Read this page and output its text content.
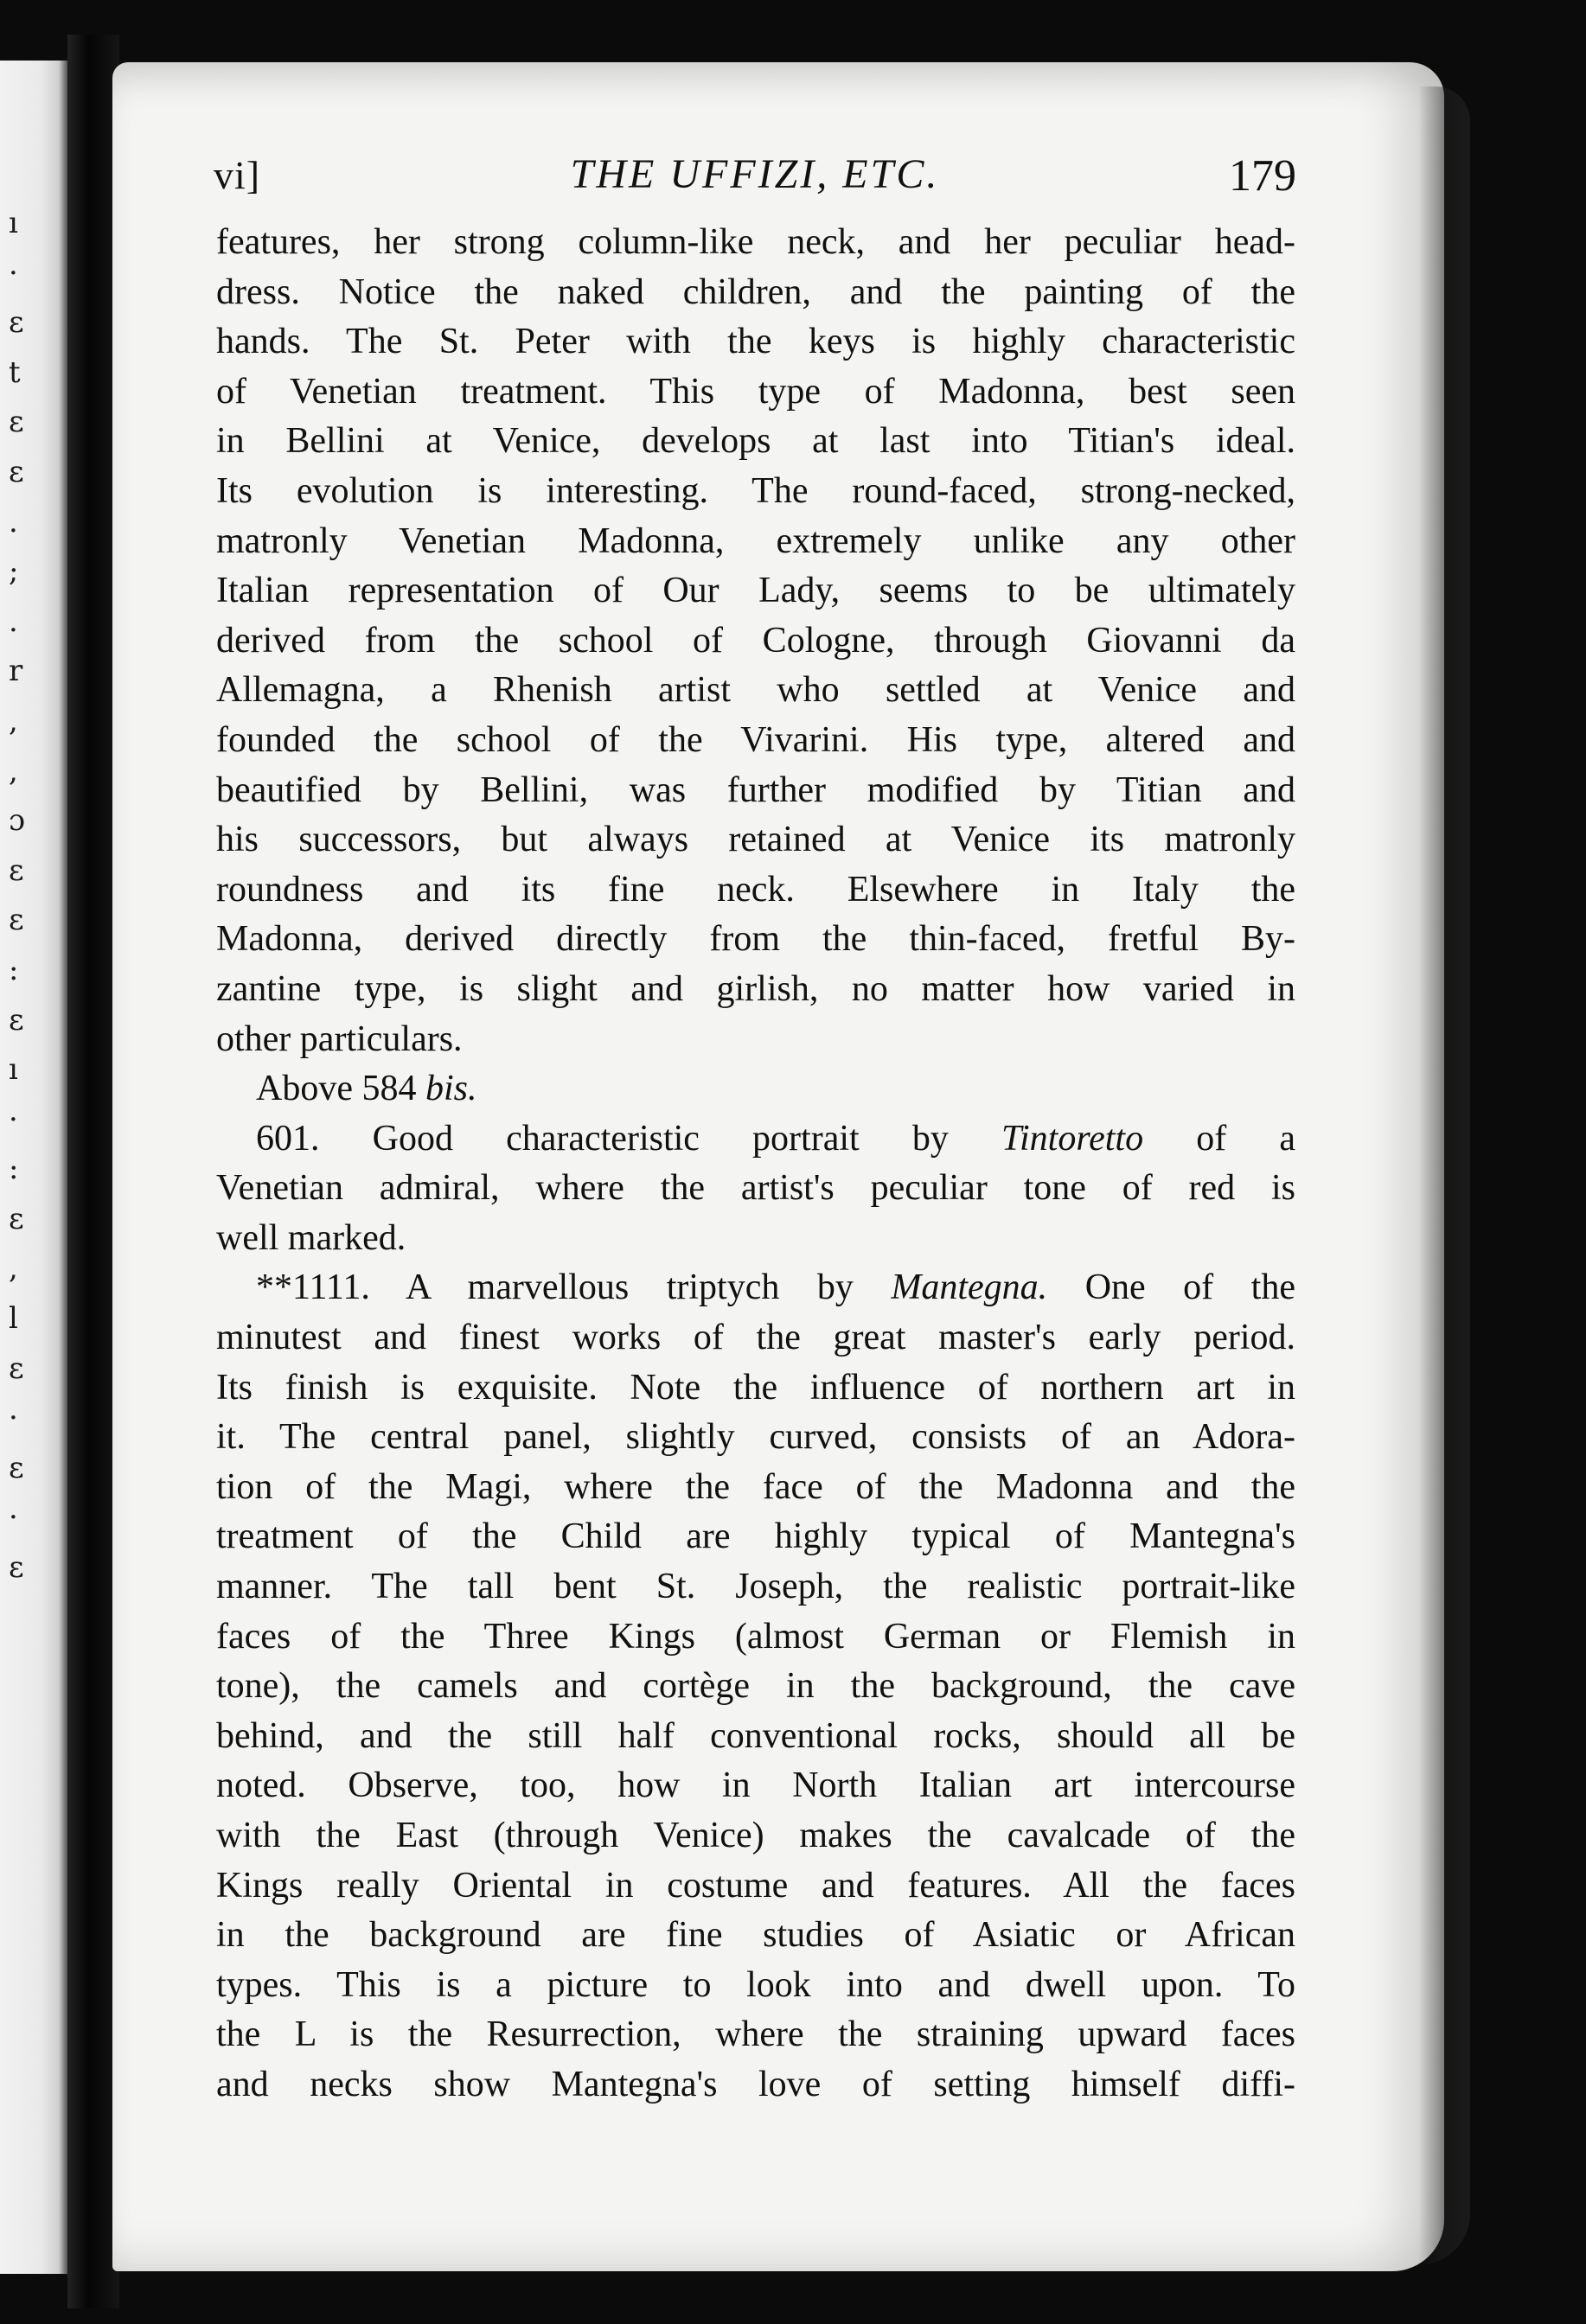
ı
·
ε
t
ε
ε
.
;
.
r
,
,
ɔ
ε
ε
:
ε
ı
·
:
ε
,
l
ε
·
ε
·
ε
vi]	THE UFFIZI, ETC.	179
features, her strong column-like neck, and her peculiar head-
dress. Notice the naked children, and the painting of the
hands. The St. Peter with the keys is highly characteristic
of Venetian treatment. This type of Madonna, best seen
in Bellini at Venice, develops at last into Titian's ideal.
Its evolution is interesting. The round-faced, strong-necked,
matronly Venetian Madonna, extremely unlike any other
Italian representation of Our Lady, seems to be ultimately
derived from the school of Cologne, through Giovanni da
Allemagna, a Rhenish artist who settled at Venice and
founded the school of the Vivarini. His type, altered and
beautified by Bellini, was further modified by Titian and
his successors, but always retained at Venice its matronly
roundness and its fine neck. Elsewhere in Italy the
Madonna, derived directly from the thin-faced, fretful By-
zantine type, is slight and girlish, no matter how varied in
other particulars.
Above 584 bis.
601. Good characteristic portrait by Tintoretto of a
Venetian admiral, where the artist's peculiar tone of red is
well marked.
**1111. A marvellous triptych by Mantegna. One of the
minutest and finest works of the great master's early period.
Its finish is exquisite. Note the influence of northern art in
it. The central panel, slightly curved, consists of an Adora-
tion of the Magi, where the face of the Madonna and the
treatment of the Child are highly typical of Mantegna's
manner. The tall bent St. Joseph, the realistic portrait-like
faces of the Three Kings (almost German or Flemish in
tone), the camels and cortège in the background, the cave
behind, and the still half conventional rocks, should all be
noted. Observe, too, how in North Italian art intercourse
with the East (through Venice) makes the cavalcade of the
Kings really Oriental in costume and features. All the faces
in the background are fine studies of Asiatic or African
types. This is a picture to look into and dwell upon. To
the L is the Resurrection, where the straining upward faces
and necks show Mantegna's love of setting himself diffi-
